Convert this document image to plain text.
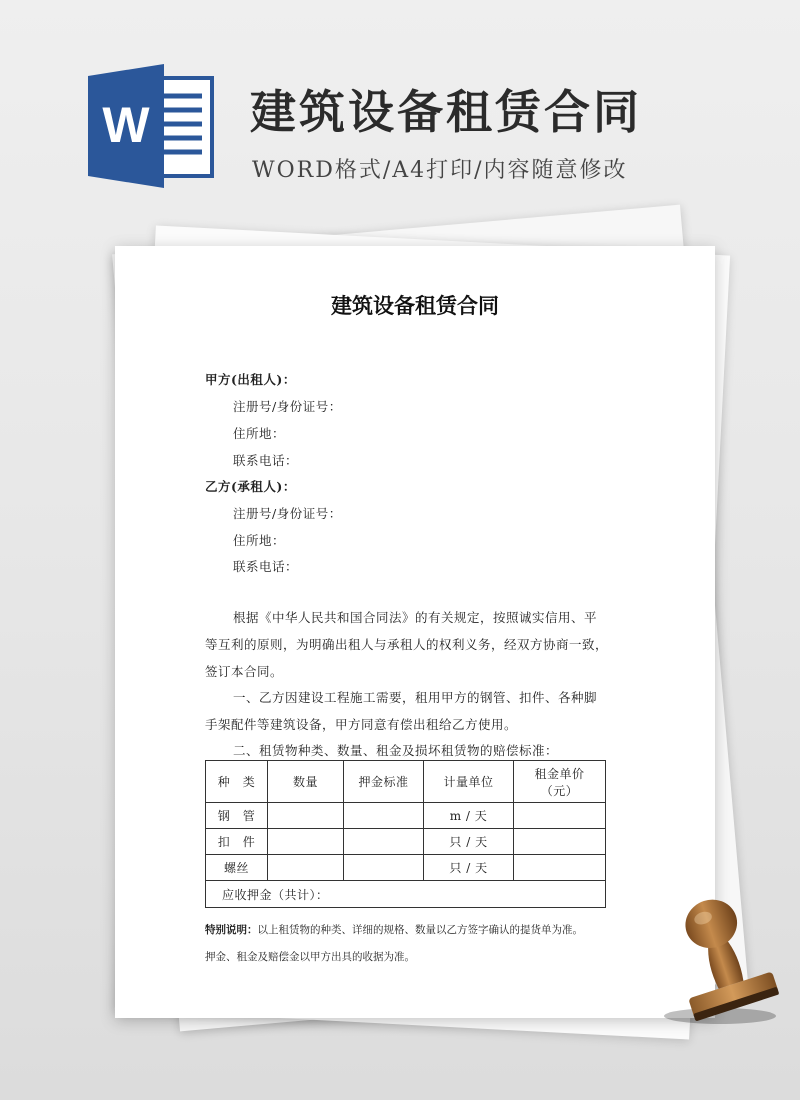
W 建筑设备租赁合同
WORD格式/A4打印/内容随意修改
建筑设备租赁合同
甲方(出租人)：
注册号/身份证号：
住所地：
联系电话：
乙方(承租人)：
注册号/身份证号：
住所地：
联系电话：
根据《中华人民共和国合同法》的有关规定，按照诚实信用、平
等互利的原则，为明确出租人与承租人的权利义务，经双方协商一致，
签订本合同。
一、乙方因建设工程施工需要，租用甲方的钢管、扣件、各种脚
手架配件等建筑设备，甲方同意有偿出租给乙方使用。
二、租赁物种类、数量、租金及损坏租赁物的赔偿标准：
种　类	数量	押金标准	计量单位	租金单价
（元）

钢　管			m / 天	
扣　件			只 / 天	
螺丝			只 / 天	
应收押金（共计）：				
特别说明：以上租赁物的种类、详细的规格、数量以乙方签字确认的提货单为准。
押金、租金及赔偿金以甲方出具的收据为准。
